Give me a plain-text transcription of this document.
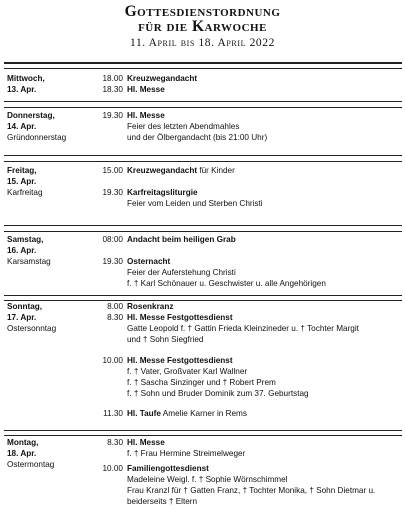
Gottesdienstordnung
für die Karwoche
11. April bis 18. April 2022
Mittwoch,
13. Apr.
18.00 Kreuzwegandacht
18.30 Hl. Messe
Donnerstag,
14. Apr.
Gründonnerstag
19.30 Hl. Messe
Feier des letzten Abendmahles
und der Ölbergandacht (bis 21:00 Uhr)
Freitag,
15. Apr.
Karfreitag
15.00 Kreuzwegandacht für Kinder
19.30 Karfreitagsliturgie
Feier vom Leiden und Sterben Christi
Samstag,
16. Apr.
Karsamstag
08:00 Andacht beim heiligen Grab
19.30 Osternacht
Feier der Auferstehung Christi
f. † Karl Schönauer u. Geschwister u. alle Angehörigen
Sonntag,
17. Apr.
Ostersonntag
8.00 Rosenkranz
8.30 Hl. Messe Festgottesdienst
Gatte Leopold f. † Gattin Frieda Kleinzineder u. † Tochter Margit
und † Sohn Siegfried
10.00 Hl. Messe Festgottesdienst
f. † Vater, Großvater Karl Wallner
f. † Sascha Sinzinger und † Robert Prem
f. † Sohn und Bruder Dominik zum 37. Geburtstag
11.30 Hl. Taufe Amelie Karner in Rems
Montag,
18. Apr.
Ostermontag
8.30 Hl. Messe
f. † Frau Hermine Streimelweger
10.00 Familiengottesdienst
Madeleine Weigl. f. † Sophie Wörnschimmel
Frau Kranzl für † Gatten Franz, † Tochter Monika, † Sohn Dietmar u.
beiderseits † Eltern
